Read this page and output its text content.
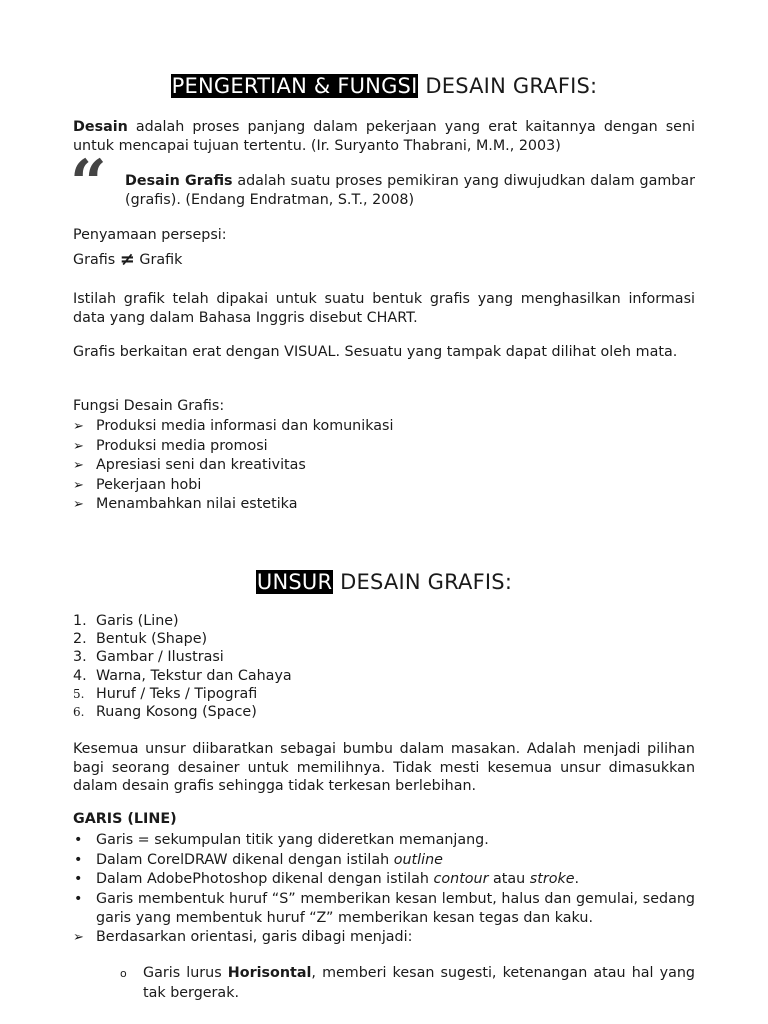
PENGERTIAN & FUNGSI DESAIN GRAFIS:
Desain adalah proses panjang dalam pekerjaan yang erat kaitannya dengan seni untuk mencapai tujuan tertentu. (Ir. Suryanto Thabrani, M.M., 2003)
“ Desain Grafis adalah suatu proses pemikiran yang diwujudkan dalam gambar (grafis). (Endang Endratman, S.T., 2008)
Penyamaan persepsi:
Grafis ≠ Grafik
Istilah grafik telah dipakai untuk suatu bentuk grafis yang menghasilkan informasi data yang dalam Bahasa Inggris disebut CHART.
Grafis berkaitan erat dengan VISUAL. Sesuatu yang tampak dapat dilihat oleh mata.
Fungsi Desain Grafis:
➢ Produksi media informasi dan komunikasi
➢ Produksi media promosi
➢ Apresiasi seni dan kreativitas
➢ Pekerjaan hobi
➢ Menambahkan nilai estetika
UNSUR DESAIN GRAFIS:
1. Garis (Line)
2. Bentuk (Shape)
3. Gambar / Ilustrasi
4. Warna, Tekstur dan Cahaya
5. Huruf / Teks / Tipografi
6. Ruang Kosong (Space)
Kesemua unsur diibaratkan sebagai bumbu dalam masakan. Adalah menjadi pilihan bagi seorang desainer untuk memilihnya. Tidak mesti kesemua unsur dimasukkan dalam desain grafis sehingga tidak terkesan berlebihan.
GARIS (LINE)
• Garis = sekumpulan titik yang dideretkan memanjang.
• Dalam CorelDRAW dikenal dengan istilah outline
• Dalam AdobePhotoshop dikenal dengan istilah contour atau stroke.
• Garis membentuk huruf “S” memberikan kesan lembut, halus dan gemulai, sedang garis yang membentuk huruf “Z” memberikan kesan tegas dan kaku.
➢ Berdasarkan orientasi, garis dibagi menjadi:
o Garis lurus Horisontal, memberi kesan sugesti, ketenangan atau hal yang tak bergerak.
